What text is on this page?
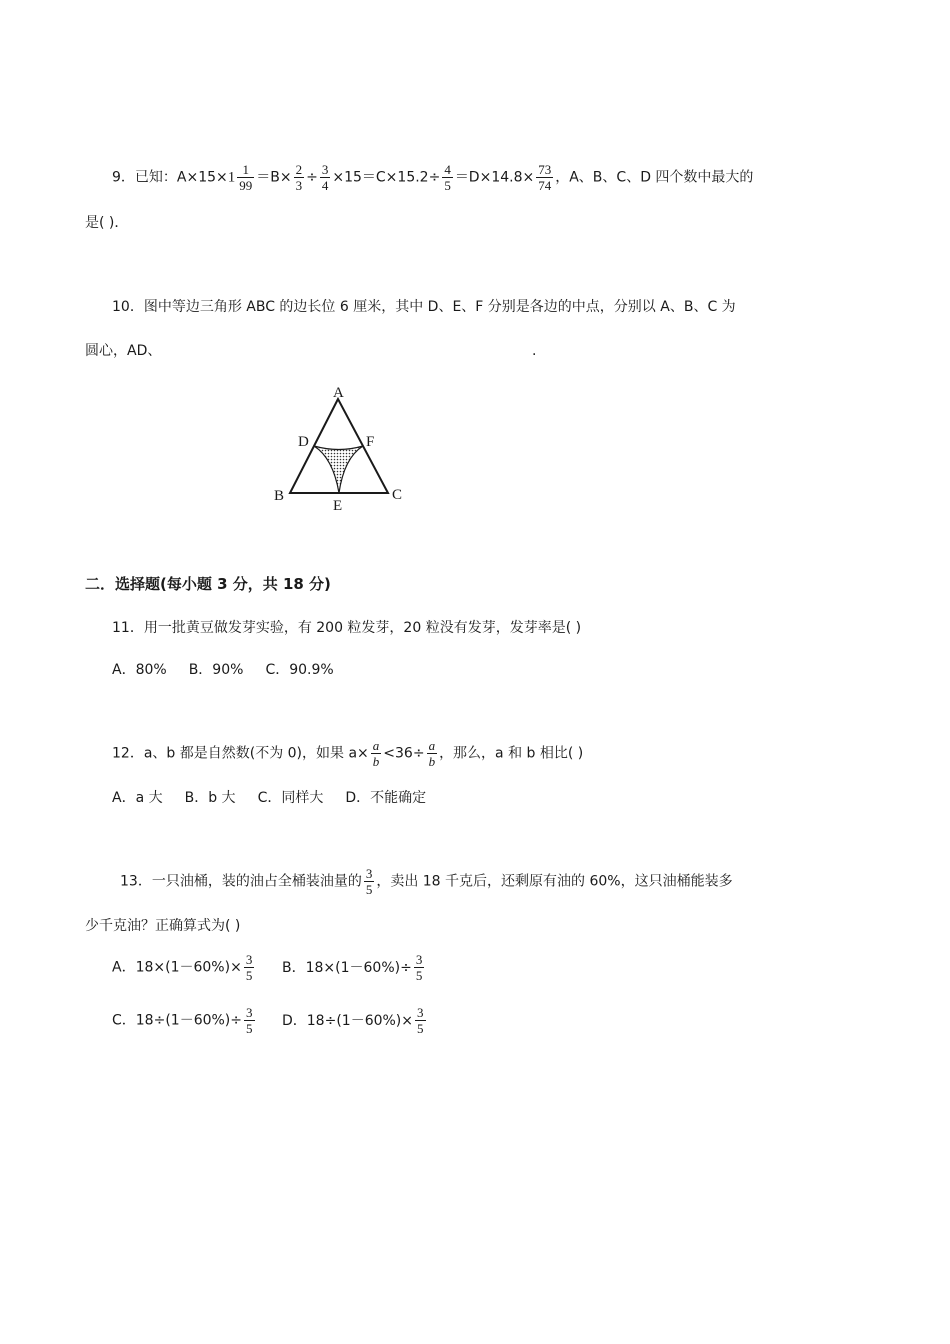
9．已知：$A\times 15\times 1 \frac{1}{99} =B\times \frac{2}{3} \div \frac{3}{4} \times 15=C\times 15.2\div \frac{4}{5} =D\times 14.8\times \frac{73}{74}$ ，A、B、C、D 四个数中最大的
是( )．
10．图中等边三角形 ABC 的边长位 6 厘米，其中 D、E、F 分别是各边的中点，分别以 A、B、C 为
圆心，AD、	.
A
D	F
B
E
C
二．选择题(每小题 3 分，共 18 分)
11．用一批黄豆做发芽实验，有 200 粒发芽，20 粒没有发芽，发芽率是( )
A．80% B．90% C．90.9%
12．a、b 都是自然数(不为 0)，如果 $a\times \frac{a}{b} <36\div \frac{a}{b}$ ，那么，a 和 b 相比( )
A．a 大 B．b 大 C．同样大 D．不能确定
13．一只油桶，装的油占全桶装油量的 $\frac{3}{5}$ ，卖出 18 千克后，还剩原有油的 60%，这只油桶能装多
少千克油？正确算式为( )
A．$18\times(1-60\%)\times \frac{3}{5}$ B．$18\times(1-60\%)\div \frac{3}{5}$
C．$18\div(1-60\%)\div \frac{3}{5}$ D．$18\div(1-60\%)\times \frac{3}{5}$
